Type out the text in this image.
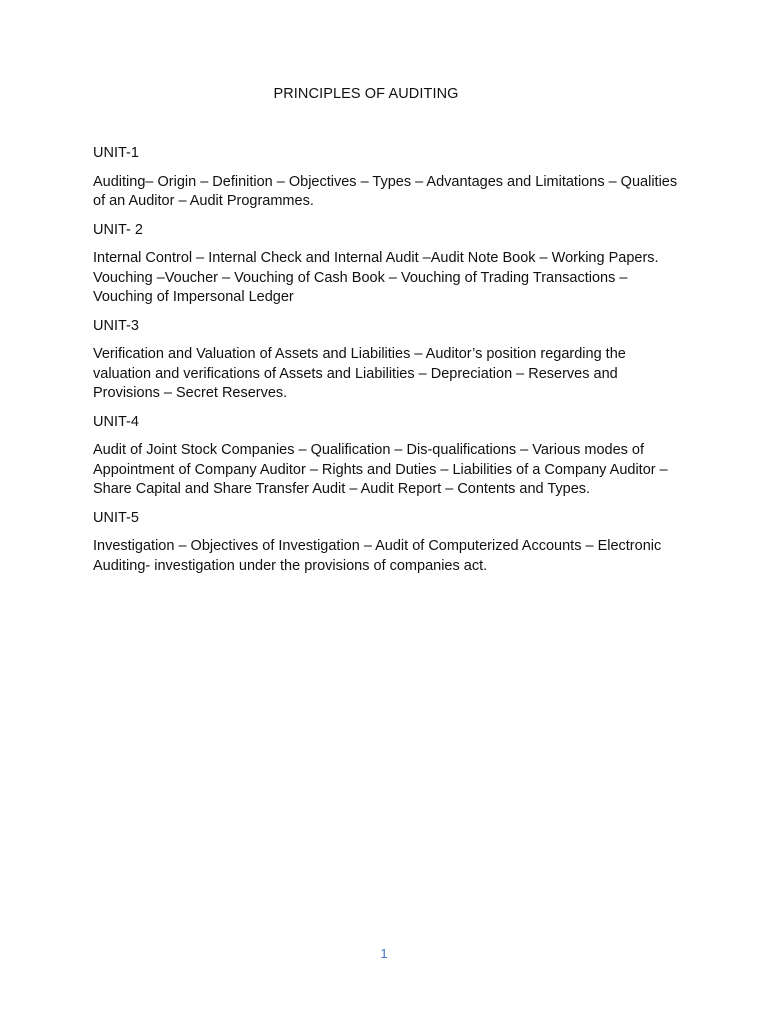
PRINCIPLES OF AUDITING

UNIT-1

Auditing– Origin – Definition – Objectives – Types – Advantages and Limitations – Qualities of an Auditor – Audit Programmes.

UNIT- 2

Internal Control – Internal Check and Internal Audit –Audit Note Book – Working Papers. Vouching –Voucher – Vouching of Cash Book – Vouching of Trading Transactions – Vouching of Impersonal Ledger

UNIT-3

Verification and Valuation of Assets and Liabilities – Auditor’s position regarding the valuation and verifications of Assets and Liabilities – Depreciation – Reserves and Provisions – Secret Reserves.

UNIT-4

Audit of Joint Stock Companies – Qualification – Dis-qualifications – Various modes of Appointment of Company Auditor – Rights and Duties – Liabilities of a Company Auditor – Share Capital and Share Transfer Audit – Audit Report – Contents and Types.

UNIT-5

Investigation – Objectives of Investigation – Audit of Computerized Accounts – Electronic Auditing- investigation under the provisions of companies act.

1
